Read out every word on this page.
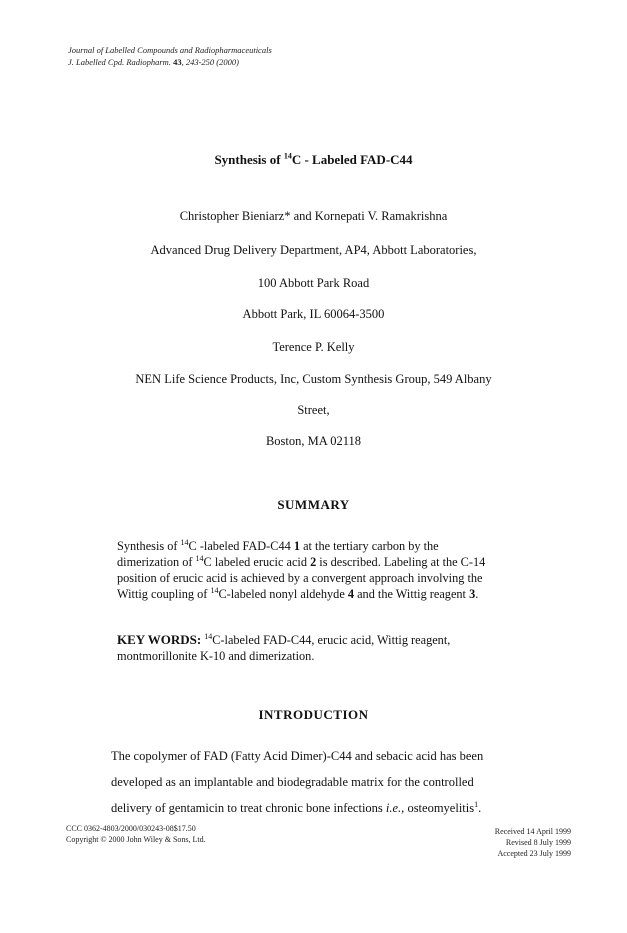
Journal of Labelled Compounds and Radiopharmaceuticals
J. Labelled Cpd. Radiopharm. 43, 243-250 (2000)
Synthesis of $^{14}$C - Labeled FAD-C44
Christopher Bieniarz* and Kornepati V. Ramakrishna
Advanced Drug Delivery Department, AP4, Abbott Laboratories,
100 Abbott Park Road
Abbott Park, IL 60064-3500
Terence P. Kelly
NEN Life Science Products, Inc, Custom Synthesis Group, 549 Albany
Street,
Boston, MA 02118
SUMMARY
Synthesis of $^{14}$C -labeled FAD-C44 1 at the tertiary carbon by the
dimerization of $^{14}$C labeled erucic acid 2 is described. Labeling at the C-14
position of erucic acid is achieved by a convergent approach involving the
Wittig coupling of $^{14}$C-labeled nonyl aldehyde 4 and the Wittig reagent 3.
KEY WORDS: $^{14}$C-labeled FAD-C44, erucic acid, Wittig reagent,
montmorillonite K-10 and dimerization.
INTRODUCTION
The copolymer of FAD (Fatty Acid Dimer)-C44 and sebacic acid has been
developed as an implantable and biodegradable matrix for the controlled
delivery of gentamicin to treat chronic bone infections i.e., osteomyelitis$^1$.
CCC 0362-4803/2000/030243-08$17.50
Copyright © 2000 John Wiley & Sons, Ltd.
Received 14 April 1999
Revised 8 July 1999
Accepted 23 July 1999
